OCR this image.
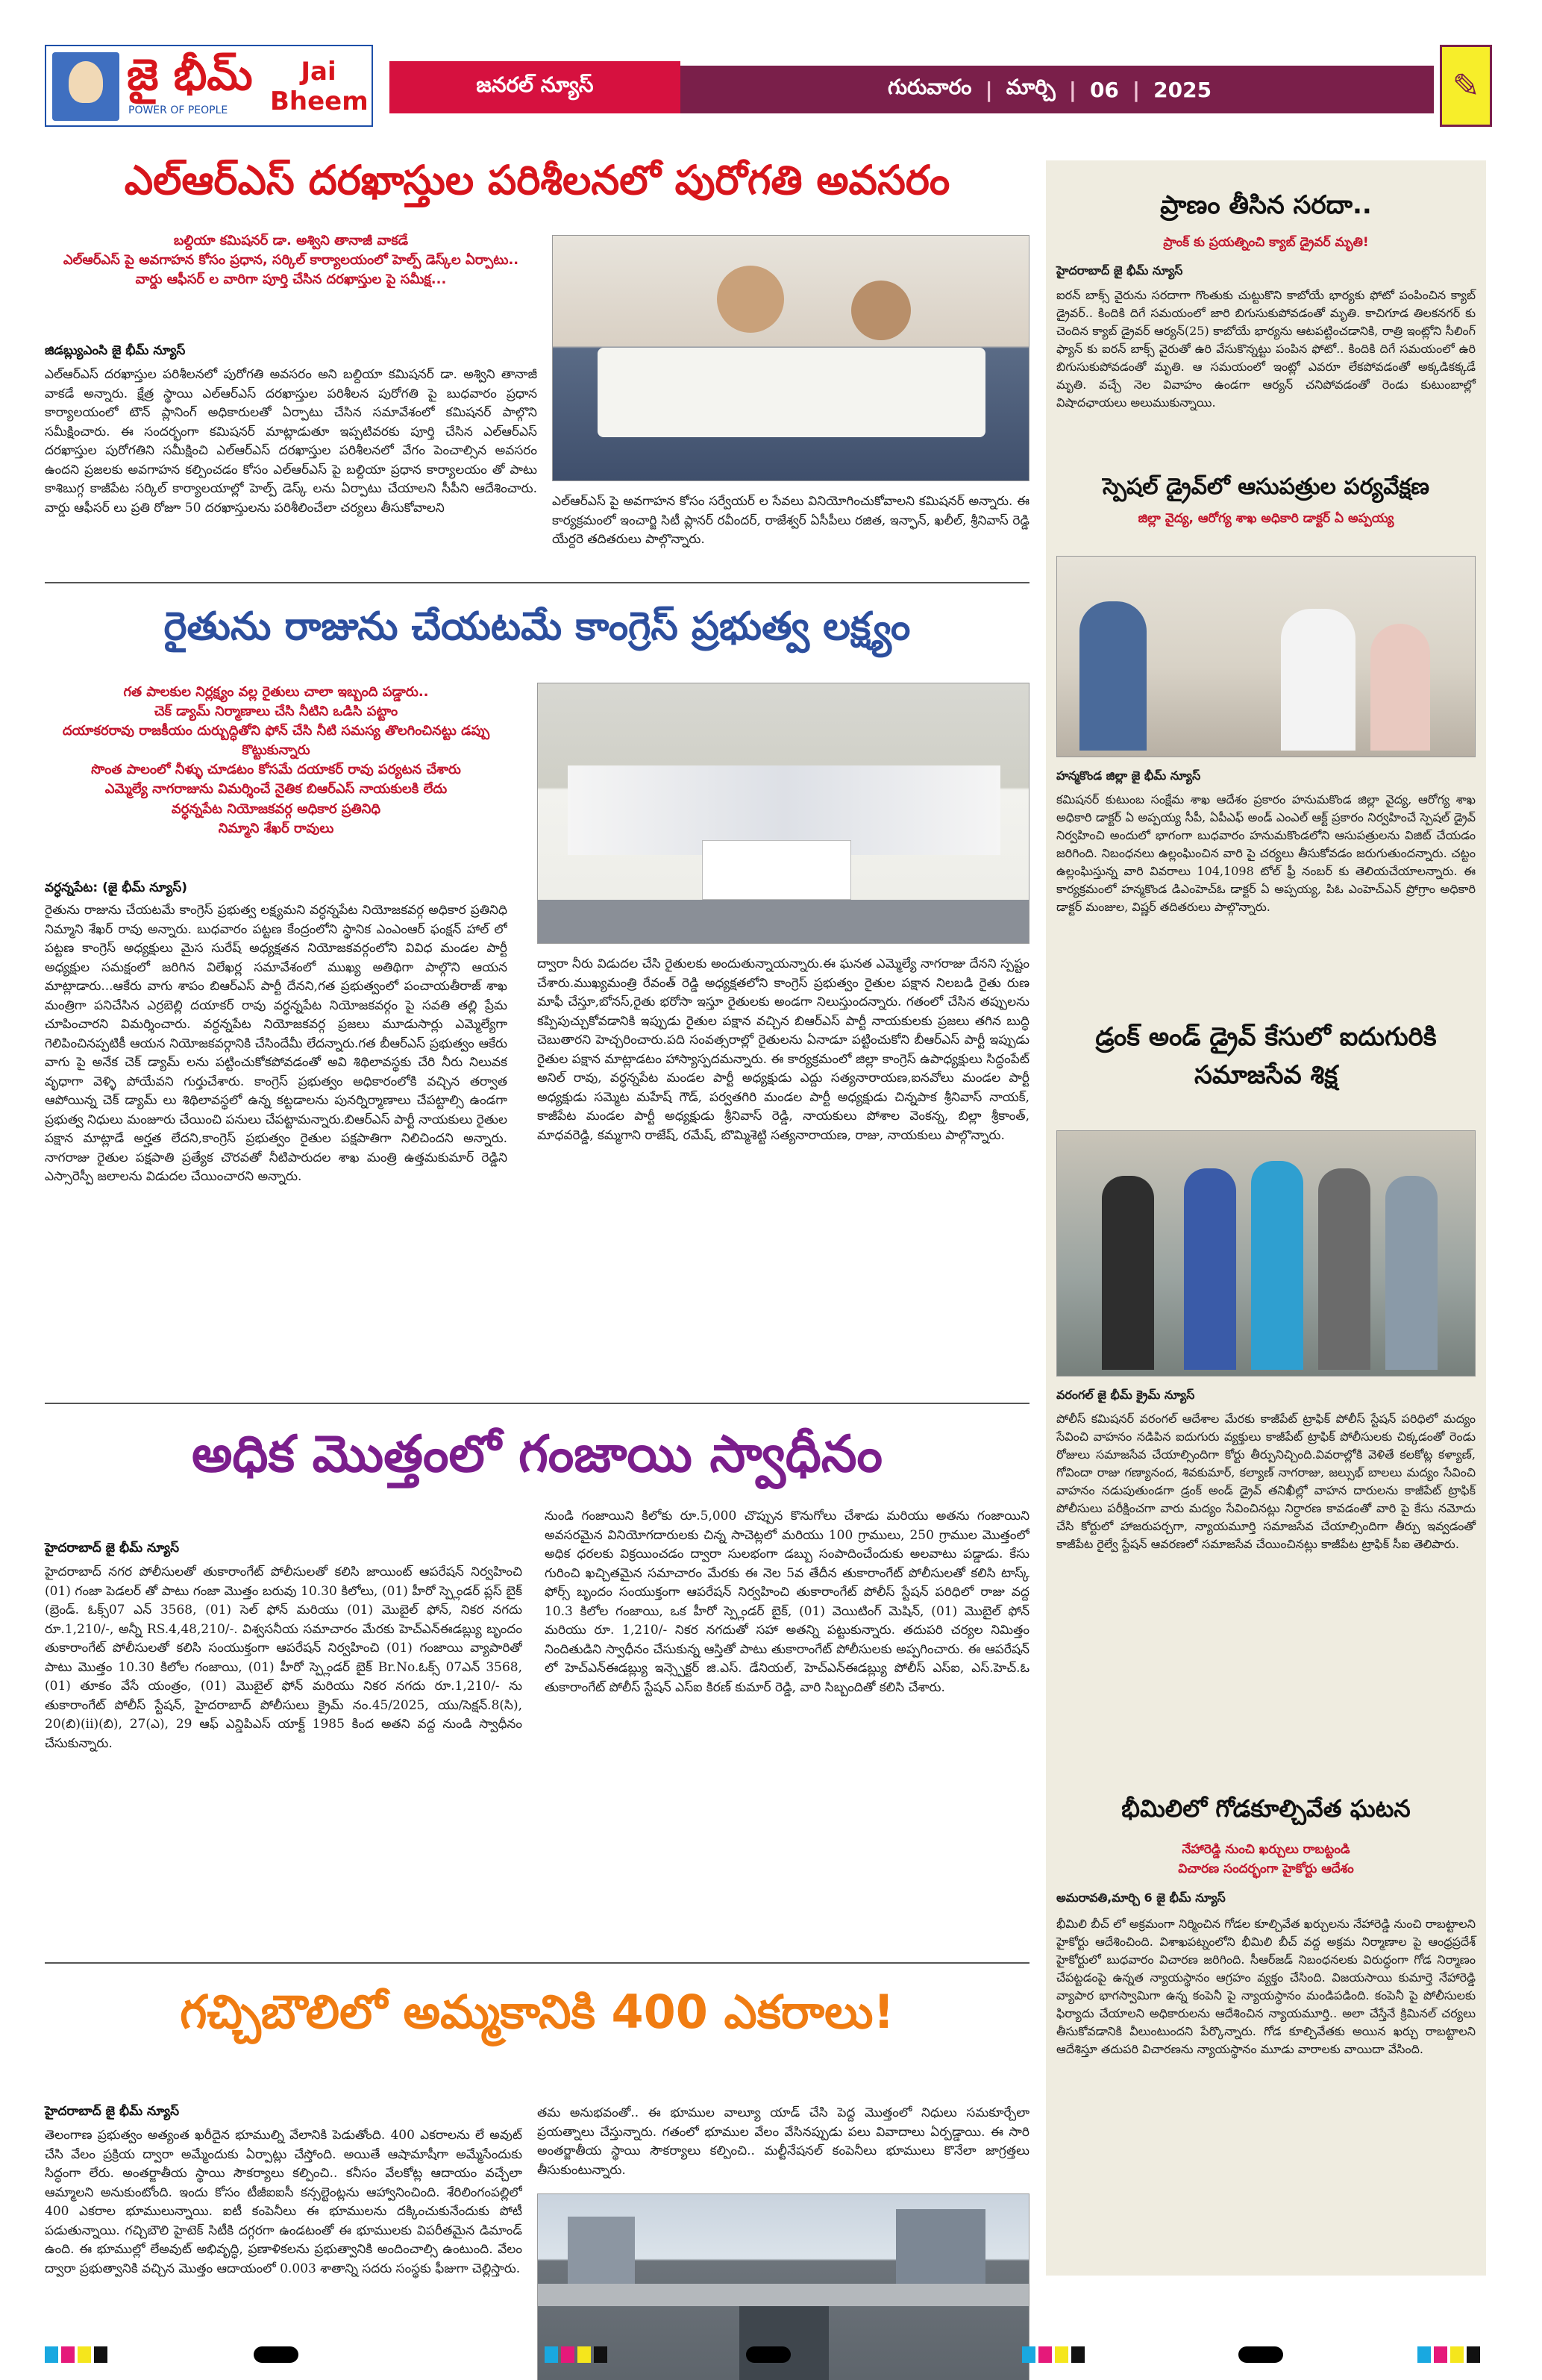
జై భీమ్
POWER OF PEOPLE
Jai Bheem
జనరల్ న్యూస్	గురువారం | మార్చి | 06 | 2025	✎
ఎల్ఆర్ఎస్ దరఖాస్తుల పరిశీలనలో పురోగతి అవసరం
బల్దియా కమిషనర్ డా. అశ్విని తానాజీ వాకడే
ఎల్ఆర్ఎస్ పై అవగాహన కోసం ప్రధాన, సర్కిల్ కార్యాలయంలో హెల్ప్ డెస్క్‌ల ఏర్పాటు..
వార్డు ఆఫీసర్ ల వారిగా పూర్తి చేసిన దరఖాస్తుల పై సమీక్ష...
జిడబ్ల్యుఎంసి జై భీమ్ న్యూస్
ఎల్ఆర్ఎస్ దరఖాస్తుల పరిశీలనలో పురోగతి అవసరం అని బల్దియా కమిషనర్ డా. అశ్విని తానాజీ వాకడే అన్నారు. క్షేత్ర స్థాయి ఎల్ఆర్ఎస్ దరఖాస్తుల పరిశీలన పురోగతి పై బుధవారం ప్రధాన కార్యాలయంలో టౌన్ ప్లానింగ్ అధికారులతో ఏర్పాటు చేసిన సమావేశంలో కమిషనర్ పాల్గొని సమీక్షించారు. ఈ సందర్భంగా కమిషనర్ మాట్లాడుతూ ఇప్పటివరకు పూర్తి చేసిన ఎల్ఆర్ఎస్ దరఖాస్తుల పురోగతిని సమీక్షించి ఎల్ఆర్ఎస్ దరఖాస్తుల పరిశీలనలో వేగం పెంచాల్సిన అవసరం ఉందని ప్రజలకు అవగాహన కల్పించడం కోసం ఎల్ఆర్ఎస్ పై బల్దియా ప్రధాన కార్యాలయం తో పాటు కాశిబుగ్గ కాజీపేట సర్కిల్ కార్యాలయాల్లో హెల్ప్ డెస్క్ లను ఏర్పాటు చేయాలని సీపీని ఆదేశించారు. వార్డు ఆఫీసర్ లు ప్రతి రోజూ 50 దరఖాస్తులను పరిశీలించేలా చర్యలు తీసుకోవాలని	ఎల్ఆర్ఎస్ పై అవగాహన కోసం సర్వేయర్ ల సేవలు వినియోగించుకోవాలని కమిషనర్ అన్నారు. ఈ కార్యక్రమంలో ఇంచార్జి సిటీ ప్లానర్ రవీందర్, రాజేశ్వర్ ఏసీపీలు రజిత, ఇన్ఫాన్, ఖలీల్, శ్రీనివాస్ రెడ్డి యేర్దరె తదితరులు పాల్గొన్నారు.
రైతును రాజును చేయటమే కాంగ్రెస్ ప్రభుత్వ లక్ష్యం
గత పాలకుల నిర్లక్ష్యం వల్ల రైతులు చాలా ఇబ్బంది పడ్డారు..
చెక్ డ్యామ్ నిర్మాణాలు చేసి నీటిని ఒడిసి పట్టాం
దయాకరరావు రాజకీయం దుర్బుద్ధితోని ఫోన్ చేసి నీటి సమస్య తొలగించినట్టు డప్పు కొట్టుకున్నారు
సొంత పాలంలో నీళ్ళు చూడటం కోసమే దయాకర్ రావు పర్యటన చేశారు
ఎమ్మెల్యే నాగరాజును విమర్శించే నైతిక బిఆర్ఎస్ నాయకులకి లేదు
వర్ధన్నపేట నియోజకవర్గ అధికార ప్రతినిధి
నిమ్మాని శేఖర్ రావులు
వర్ధన్నపేట: (జై భీమ్ న్యూస్)
రైతును రాజును చేయటమే కాంగ్రెస్ ప్రభుత్వ లక్ష్యమని వర్ధన్నపేట నియోజకవర్గ అధికార ప్రతినిధి నిమ్మాని శేఖర్ రావు అన్నారు. బుధవారం పట్టణ కేంద్రంలోని స్థానిక ఎంఎంఆర్ ఫంక్షన్ హాల్ లో పట్టణ కాంగ్రెస్ అధ్యక్షులు మైస సురేష్ అధ్యక్షతన నియోజకవర్గంలోని వివిధ మండల పార్టీ అధ్యక్షుల సమక్షంలో జరిగిన విలేఖర్ల సమావేశంలో ముఖ్య అతిథిగా పాల్గొని ఆయన మాట్లాడారు...ఆకేరు వాగు శాపం బిఆర్ఎస్ పార్టీ దేనని,గత ప్రభుత్వంలో పంచాయతీరాజ్ శాఖ మంత్రిగా పనిచేసిన ఎర్రబెల్లి దయాకర్ రావు వర్ధన్నపేట నియోజకవర్గం పై సవతి తల్లి ప్రేమ చూపించారని విమర్శించారు. వర్ధన్నపేట నియోజకవర్గ ప్రజలు మూడుసార్లు ఎమ్మెల్యేగా గెలిపించినప్పటికీ ఆయన నియోజకవర్గానికి చేసిందేమీ లేదన్నారు.గత బీఆర్ఎస్ ప్రభుత్వం ఆకేరు వాగు పై అనేక చెక్ డ్యామ్ లను పట్టించుకోకపోవడంతో అవి శిథిలావస్థకు చేరి నీరు నిలువక వృధాగా వెళ్ళి పోయేవని గుర్తుచేశారు. కాంగ్రెస్ ప్రభుత్వం అధికారంలోకి వచ్చిన తర్వాత ఆపోయిన్న చెక్ డ్యామ్ లు శిథిలావస్థలో ఉన్న కట్టడాలను పునర్నిర్మాణాలు చేపట్టాల్సి ఉండగా ప్రభుత్వ నిధులు మంజూరు చేయించి పనులు చేపట్టామన్నారు.బిఆర్ఎస్ పార్టీ నాయకులు రైతుల పక్షాన మాట్లాడే అర్హత లేదని,కాంగ్రెస్ ప్రభుత్వం రైతుల పక్షపాతిగా నిలిచిందని అన్నారు. నాగరాజు రైతుల పక్షపాతి ప్రత్యేక చొరవతో నీటిపారుదల శాఖ మంత్రి ఉత్తమకుమార్ రెడ్డిని ఎస్సారెస్పీ జలాలను విడుదల చేయించారని అన్నారు.
ద్వారా నీరు విడుదల చేసి రైతులకు అందుతున్నాయన్నారు.ఈ ఘనత ఎమ్మెల్యే నాగరాజు దేనని స్పష్టం చేశారు.ముఖ్యమంత్రి రేవంత్ రెడ్డి అధ్యక్షతలోని కాంగ్రెస్ ప్రభుత్వం రైతుల పక్షాన నిలబడి రైతు రుణ మాఫీ చేస్తూ,బోనస్,రైతు భరోసా ఇస్తూ రైతులకు అండగా నిలుస్తుందన్నారు. గతంలో చేసిన తప్పులను కప్పిపుచ్చుకోవడానికి ఇప్పుడు రైతుల పక్షాన వచ్చిన బిఆర్ఎస్ పార్టీ నాయకులకు ప్రజలు తగిన బుద్ధి చెబుతారని హెచ్చరించారు.పది సంవత్సరాల్లో రైతులను ఏనాడూ పట్టించుకోని బీఆర్ఎస్ పార్టీ ఇప్పుడు రైతుల పక్షాన మాట్లాడటం హాస్యాస్పదమన్నారు. ఈ కార్యక్రమంలో జిల్లా కాంగ్రెస్ ఉపాధ్యక్షులు సిద్ధంపేట్ అనిల్ రావు, వర్ధన్నపేట మండల పార్టీ అధ్యక్షుడు ఎద్దు సత్యనారాయణ,ఐనవోలు మండల పార్టీ అధ్యక్షుడు సమ్మెట మహేష్ గౌడ్, పర్వతగిరి మండల పార్టీ అధ్యక్షుడు చిన్నపాక శ్రీనివాస్ నాయక్, కాజీపేట మండల పార్టీ అధ్యక్షుడు శ్రీనివాస్ రెడ్డి, నాయకులు పోశాల వెంకన్న, బిల్లా శ్రీకాంత్, మాధవరెడ్డి, కమ్మగాని రాజేష్, రమేష్, బొమ్మిశెట్టి సత్యనారాయణ, రాజు, నాయకులు పాల్గొన్నారు.
అధిక మొత్తంలో గంజాయి స్వాధీనం
హైదరాబాద్ జై భీమ్ న్యూస్
హైదరాబాద్ నగర పోలీసులతో తుకారాంగేట్ పోలీసులతో కలిసి జాయింట్ ఆపరేషన్ నిర్వహించి (01) గంజా పెడలర్ తో పాటు గంజా మొత్తం బరువు 10.30 కిలోలు, (01) హీరో స్ప్లెండర్ ప్లస్ బైక్ (బ్రెండ్. ఓక్స్07 ఎన్ 3568, (01) సెల్ ఫోన్ మరియు (01) మొబైల్ ఫోన్, నికర నగదు రూ.1,210/-, అన్నీ RS.4,48,210/-. విశ్వసనీయ సమాచారం మేరకు హెచ్ఎన్ఈడబ్ల్యు బృందం తుకారాంగేట్ పోలీసులతో కలిసి సంయుక్తంగా ఆపరేషన్ నిర్వహించి (01) గంజాయి వ్యాపారితో పాటు మొత్తం 10.30 కిలోల గంజాయి, (01) హీరో స్ప్లెండర్ బైక్ Br.No.ఓక్స్ 07ఎన్ 3568, (01) తూకం వేసే యంత్రం, (01) మొబైల్ ఫోన్ మరియు నికర నగదు రూ.1,210/- ను తుకారాంగేట్ పోలీస్ స్టేషన్, హైదరాబాద్ పోలీసులు క్రైమ్ నం.45/2025, యు/సెక్షన్.8(సి), 20(బి)(ii)(బి), 27(ఎ), 29 ఆఫ్ ఎన్డిపిఎస్ యాక్ట్ 1985 కింద అతని వద్ద నుండి స్వాధీనం చేసుకున్నారు.
నుండి గంజాయిని కిలోకు రూ.5,000 చొప్పున కొనుగోలు చేశాడు మరియు అతను గంజాయిని అవసరమైన వినియోగదారులకు చిన్న సాచెట్లలో మరియు 100 గ్రాములు, 250 గ్రాముల మొత్తంలో అధిక ధరలకు విక్రయించడం ద్వారా సులభంగా డబ్బు సంపాదించేందుకు అలవాటు పడ్డాడు. కేసు గురించి ఖచ్చితమైన సమాచారం మేరకు ఈ నెల 5వ తేదీన తుకారాంగేట్ పోలీసులతో కలిసి టాస్క్ ఫోర్స్ బృందం సంయుక్తంగా ఆపరేషన్ నిర్వహించి తుకారాంగేట్ పోలీస్ స్టేషన్ పరిధిలో రాజు వద్ద 10.3 కిలోల గంజాయి, ఒక హీరో స్ప్లెండర్ బైక్, (01) వెయిటింగ్ మెషిన్, (01) మొబైల్ ఫోన్ మరియు రూ. 1,210/- నికర నగదుతో సహా అతన్ని పట్టుకున్నారు. తదుపరి చర్యల నిమిత్తం నిందితుడిని స్వాధీనం చేసుకున్న ఆస్తితో పాటు తుకారాంగేట్ పోలీసులకు అప్పగించారు. ఈ ఆపరేషన్ లో హెచ్ఎన్ఈడబ్ల్యు ఇన్స్పెక్టర్ జి.ఎస్. డేనియల్, హెచ్ఎన్ఈడబ్ల్యు పోలీస్ ఎస్ఐ, ఎస్.హెచ్.ఓ తుకారాంగేట్ పోలీస్ స్టేషన్ ఎస్ఐ కిరణ్ కుమార్ రెడ్డి, వారి సిబ్బందితో కలిసి చేశారు.
గచ్చిబౌలిలో అమ్మకానికి 400 ఎకరాలు!
హైదరాబాద్ జై భీమ్ న్యూస్
తెలంగాణ ప్రభుత్వం అత్యంత ఖరీదైన భూముల్ని వేలానికి పెడుతోంది. 400 ఎకరాలను లే అవుట్ చేసి వేలం ప్రక్రియ ద్వారా అమ్మేందుకు ఏర్పాట్లు చేస్తోంది. అయితే ఆషామాషీగా అమ్మేసేందుకు సిద్ధంగా లేరు. అంతర్జాతీయ స్థాయి సౌకర్యాలు కల్పించి.. కనీసం వేలకోట్ల ఆదాయం వచ్చేలా ఆమ్మాలని అనుకుంటోంది. ఇందు కోసం టీజీఐఐసీ కన్సల్టెంట్లను ఆహ్వానించింది. శేరిలింగంపల్లిలో 400 ఎకరాల భూములున్నాయి. ఐటీ కంపెనీలు ఈ భూములను దక్కించుకునేందుకు పోటీ పడుతున్నాయి. గచ్చిబౌలి హైటెక్ సిటీకి దగ్గరగా ఉండటంతో ఈ భూములకు విపరీతమైన డిమాండ్ ఉంది. ఈ భూముల్లో లేఅవుట్ అభివృద్ధి, ప్రణాళికలను ప్రభుత్వానికి అందించాల్సి ఉంటుంది. వేలం ద్వారా ప్రభుత్వానికి వచ్చిన మొత్తం ఆదాయంలో 0.003 శాతాన్ని సదరు సంస్థకు ఫీజుగా చెల్లిస్తారు.
తమ అనుభవంతో.. ఈ భూముల వాల్యూ యాడ్ చేసి పెద్ద మొత్తంలో నిధులు సమకూర్చేలా ప్రయత్నాలు చేస్తున్నారు. గతంలో భూముల వేలం వేసినప్పుడు పలు వివాదాలు ఏర్పడ్డాయి. ఈ సారి అంతర్జాతీయ స్థాయి సౌకర్యాలు కల్పించి.. మల్టీనేషనల్ కంపెనీలు భూములు కొనేలా జాగ్రత్తలు తీసుకుంటున్నారు.
ప్రాణం తీసిన సరదా..
ప్రాంక్ కు ప్రయత్నించి క్యాబ్ డ్రైవర్ మృతి!
హైదరాబాద్ జై భీమ్ న్యూస్
ఐరన్ బాక్స్ వైరును సరదాగా గొంతుకు చుట్టుకొని కాబోయే భార్యకు ఫోటో పంపించిన క్యాబ్ డ్రైవర్.. కిందికి దిగే సమయంలో జారి బిగుసుకుపోవడంతో మృతి. కాచిగూడ తిలకనగర్ కు చెందిన క్యాబ్ డ్రైవర్ ఆర్యన్(25) కాబోయే భార్యను ఆటపట్టించడానికి, రాత్రి ఇంట్లోని సీలింగ్ ఫ్యాన్ కు ఐరన్ బాక్స్ వైరుతో ఉరి వేసుకొన్నట్టు పంపిన ఫోటో.. కిందికి దిగే సమయంలో ఉరి బిగుసుకుపోవడంతో మృతి. ఆ సమయంలో ఇంట్లో ఎవరూ లేకపోవడంతో అక్కడికక్కడే మృతి. వచ్చే నెల వివాహం ఉండగా ఆర్యన్ చనిపోవడంతో రెండు కుటుంబాల్లో విషాదఛాయలు అలుముకున్నాయి.
స్పెషల్ డ్రైవ్‌లో ఆసుపత్రుల పర్యవేక్షణ
జిల్లా వైద్య, ఆరోగ్య శాఖ అధికారి డాక్టర్ ఏ అప్పయ్య
హన్మకొండ జిల్లా జై భీమ్ న్యూస్
కమిషనర్ కుటుంబ సంక్షేమ శాఖ ఆదేశం ప్రకారం హనుమకొండ జిల్లా వైద్య, ఆరోగ్య శాఖ అధికారి డాక్టర్ ఏ అప్పయ్య సీపీ, ఏపీఎఫ్ అండ్ ఎంఎల్ ఆక్ట్ ప్రకారం నిర్వహించే స్పెషల్ డ్రైవ్ నిర్వహించి అందులో భాగంగా బుధవారం హనుమకొండలోని ఆసుపత్రులను విజిట్ చేయడం జరిగింది. నిబంధనలు ఉల్లంఘించిన వారి పై చర్యలు తీసుకోవడం జరుగుతుందన్నారు. చట్టం ఉల్లంఘిస్తున్న వారి వివరాలు 104,1098 టోల్ ఫ్రీ నంబర్ కు తెలియచేయాలన్నారు. ఈ కార్యక్రమంలో హన్మకొండ డిఎంహెచ్ఓ డాక్టర్ ఏ అప్పయ్య, పిఓ ఎంహెచ్ఎన్ ప్రోగ్రాం అధికారి డాక్టర్ మంజుల, విష్ణర్ తదితరులు పాల్గొన్నారు.
డ్రంక్ అండ్ డ్రైవ్ కేసులో ఐదుగురికి సమాజసేవ శిక్ష
వరంగల్ జై భీమ్ క్రైమ్ న్యూస్
పోలీస్ కమిషనర్ వరంగల్ ఆదేశాల మేరకు కాజీపేట్ ట్రాఫిక్ పోలీస్ స్టేషన్ పరిధిలో మద్యం సేవించి వాహనం నడిపిన ఐదుగురు వ్యక్తులు కాజీపేట్ ట్రాఫిక్ పోలీసులకు చిక్కడంతో రెండు రోజులు సమాజసేవ చేయాల్సిందిగా కోర్టు తీర్పునిచ్చింది.వివరాల్లోకి వెళితే కలకోట్ల కళ్యాణ్, గోవిందా రాజు గణ్యానంద, శివకుమార్, కల్యాణ్ నాగరాజు, జల్సుభ్ బాలలు మద్యం సేవించి వాహనం నడుపుతుండగా డ్రంక్ అండ్ డ్రైవ్ తనిఖీల్లో వాహన దారులను కాజీపేట్ ట్రాఫిక్ పోలీసులు పరీక్షించగా వారు మద్యం సేవించినట్లు నిర్ధారణ కావడంతో వారి పై కేసు నమోదు చేసి కోర్టులో హాజరుపర్చగా, న్యాయమూర్తి సమాజసేవ చేయాల్సిందిగా తీర్పు ఇవ్వడంతో కాజీపేట రైల్వే స్టేషన్ ఆవరణలో సమాజసేవ చేయించినట్లు కాజీపేట ట్రాఫిక్ సీఐ తెలిపారు.
భీమిలిలో గోడకూల్చివేత ఘటన
నేహారెడ్డి నుంచి ఖర్చులు రాబట్టండి
విచారణ సందర్భంగా హైకోర్టు ఆదేశం
అమరావతి,మార్చి 6 జై భీమ్ న్యూస్
భీమిలి బీచ్ లో అక్రమంగా నిర్మించిన గోడల కూల్చివేత ఖర్చులను నేహారెడ్డి నుంచి రాబట్టాలని హైకోర్టు ఆదేశించింది. విశాఖపట్నంలోని భీమిలి బీచ్ వద్ద అక్రమ నిర్మాణాల పై ఆంధ్రప్రదేశ్ హైకోర్టులో బుధవారం విచారణ జరిగింది. సీఆర్‌జడ్ నిబంధనలకు విరుద్ధంగా గోడ నిర్మాణం చేపట్టడంపై ఉన్నత న్యాయస్థానం ఆగ్రహం వ్యక్తం చేసింది. విజయసాయి కుమార్తె నేహారెడ్డి వ్యాపార భాగస్వామిగా ఉన్న కంపెనీ పై న్యాయస్థానం మండిపడింది. కంపెనీ పై పోలీసులకు ఫిర్యాదు చేయాలని అధికారులను ఆదేశించిన న్యాయమూర్తి.. అలా చేస్తేనే క్రిమినల్ చర్యలు తీసుకోవడానికి వీలుంటుందని పేర్కొన్నారు. గోడ కూల్చివేతకు అయిన ఖర్చు రాబట్టాలని ఆదేశిస్తూ తదుపరి విచారణను న్యాయస్థానం మూడు వారాలకు వాయిదా వేసింది.
